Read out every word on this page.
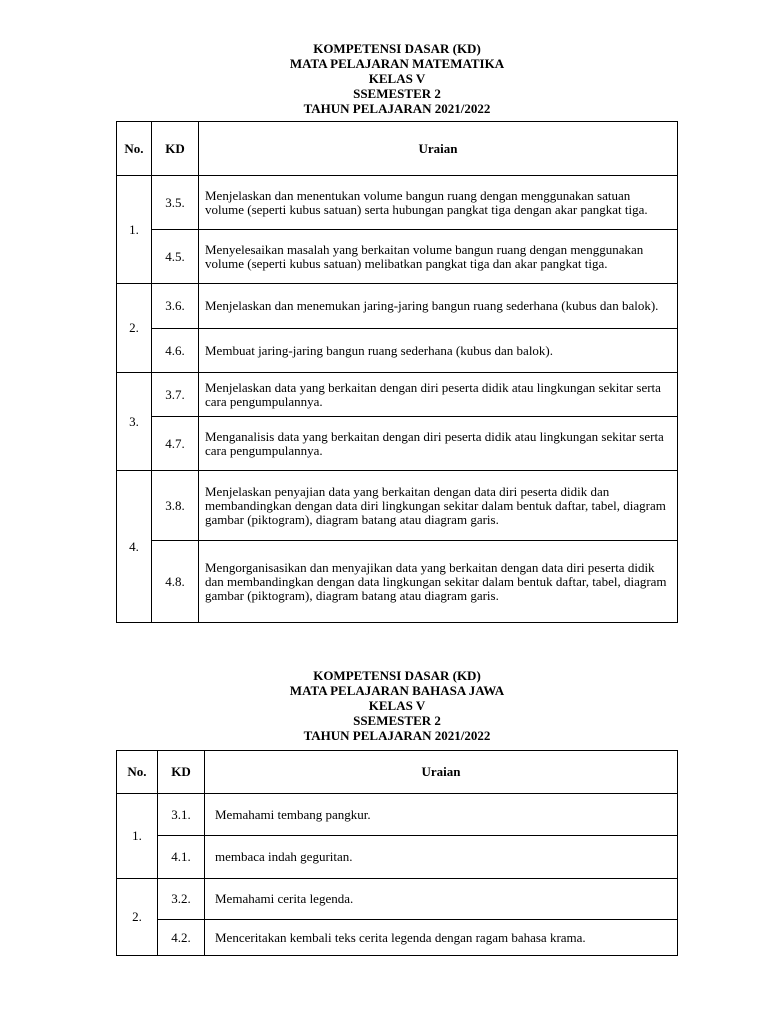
KOMPETENSI DASAR (KD)
MATA PELAJARAN MATEMATIKA
KELAS V
SSEMESTER 2
TAHUN PELAJARAN 2021/2022
No.	KD	Uraian
1.	3.5.	Menjelaskan dan menentukan volume bangun ruang dengan menggunakan satuan volume (seperti kubus satuan) serta hubungan pangkat tiga dengan akar pangkat tiga.
	4.5.	Menyelesaikan masalah yang berkaitan volume bangun ruang dengan menggunakan volume (seperti kubus satuan) melibatkan pangkat tiga dan akar pangkat tiga.
2.	3.6.	Menjelaskan dan menemukan jaring-jaring bangun ruang sederhana (kubus dan balok).
	4.6.	Membuat jaring-jaring bangun ruang sederhana (kubus dan balok).
3.	3.7.	Menjelaskan data yang berkaitan dengan diri peserta didik atau lingkungan sekitar serta cara pengumpulannya.
	4.7.	Menganalisis data yang berkaitan dengan diri peserta didik atau lingkungan sekitar serta cara pengumpulannya.
4.	3.8.	Menjelaskan penyajian data yang berkaitan dengan data diri peserta didik dan membandingkan dengan data diri lingkungan sekitar dalam bentuk daftar, tabel, diagram gambar (piktogram), diagram batang atau diagram garis.
	4.8.	Mengorganisasikan dan menyajikan data yang berkaitan dengan data diri peserta didik dan membandingkan dengan data lingkungan sekitar dalam bentuk daftar, tabel, diagram gambar (piktogram), diagram batang atau diagram garis.
KOMPETENSI DASAR (KD)
MATA PELAJARAN BAHASA JAWA
KELAS V
SSEMESTER 2
TAHUN PELAJARAN 2021/2022
No.	KD	Uraian
1.	3.1.	Memahami tembang pangkur.
	4.1.	membaca indah geguritan.
2.	3.2.	Memahami cerita legenda.
	4.2.	Menceritakan kembali teks cerita legenda dengan ragam bahasa krama.
